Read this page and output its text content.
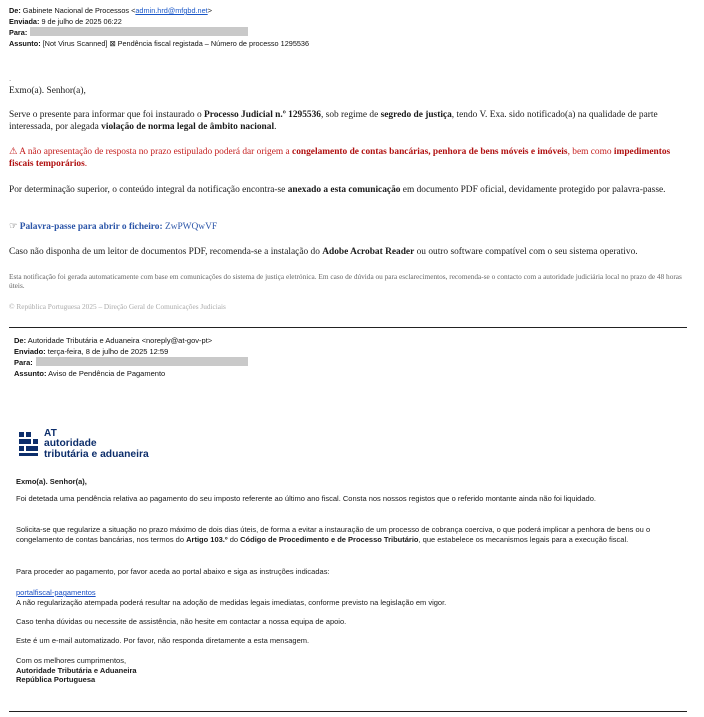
De: Gabinete Nacional de Processos <admin.hrd@mfgbd.net>
Enviada: 9 de julho de 2025 06:22
Para:
Assunto: [Not Virus Scanned] ⊠ Pendência fiscal registada – Número de processo 1295536
.
Exmo(a). Senhor(a),
Serve o presente para informar que foi instaurado o Processo Judicial n.º 1295536, sob regime de segredo de justiça, tendo V. Exa. sido notificado(a) na qualidade de parte interessada, por alegada violação de norma legal de âmbito nacional.
⚠ A não apresentação de resposta no prazo estipulado poderá dar origem a congelamento de contas bancárias, penhora de bens móveis e imóveis, bem como impedimentos fiscais temporários.
Por determinação superior, o conteúdo integral da notificação encontra-se anexado a esta comunicação em documento PDF oficial, devidamente protegido por palavra-passe.
☞ Palavra-passe para abrir o ficheiro: ZwPWQwVF
Caso não disponha de um leitor de documentos PDF, recomenda-se a instalação do Adobe Acrobat Reader ou outro software compatível com o seu sistema operativo.
Esta notificação foi gerada automaticamente com base em comunicações do sistema de justiça eletrónica. Em caso de dúvida ou para esclarecimentos, recomenda-se o contacto com a autoridade judiciária local no prazo de 48 horas úteis.
© República Portuguesa 2025 – Direção Geral de Comunicações Judiciais
De: Autoridade Tributária e Aduaneira <noreply@at-gov-pt>
Enviado: terça-feira, 8 de julho de 2025 12:59
Para:
Assunto: Aviso de Pendência de Pagamento
AT
autoridade
tributária e aduaneira
Exmo(a). Senhor(a),
Foi detetada uma pendência relativa ao pagamento do seu imposto referente ao último ano fiscal. Consta nos nossos registos que o referido montante ainda não foi liquidado.
Solicita-se que regularize a situação no prazo máximo de dois dias úteis, de forma a evitar a instauração de um processo de cobrança coerciva, o que poderá implicar a penhora de bens ou o congelamento de contas bancárias, nos termos do Artigo 103.º do Código de Procedimento e de Processo Tributário, que estabelece os mecanismos legais para a execução fiscal.
Para proceder ao pagamento, por favor aceda ao portal abaixo e siga as instruções indicadas:
portalfiscal-pagamentos
A não regularização atempada poderá resultar na adoção de medidas legais imediatas, conforme previsto na legislação em vigor.
Caso tenha dúvidas ou necessite de assistência, não hesite em contactar a nossa equipa de apoio.
Este é um e-mail automatizado. Por favor, não responda diretamente a esta mensagem.
Com os melhores cumprimentos,
Autoridade Tributária e Aduaneira
República Portuguesa
